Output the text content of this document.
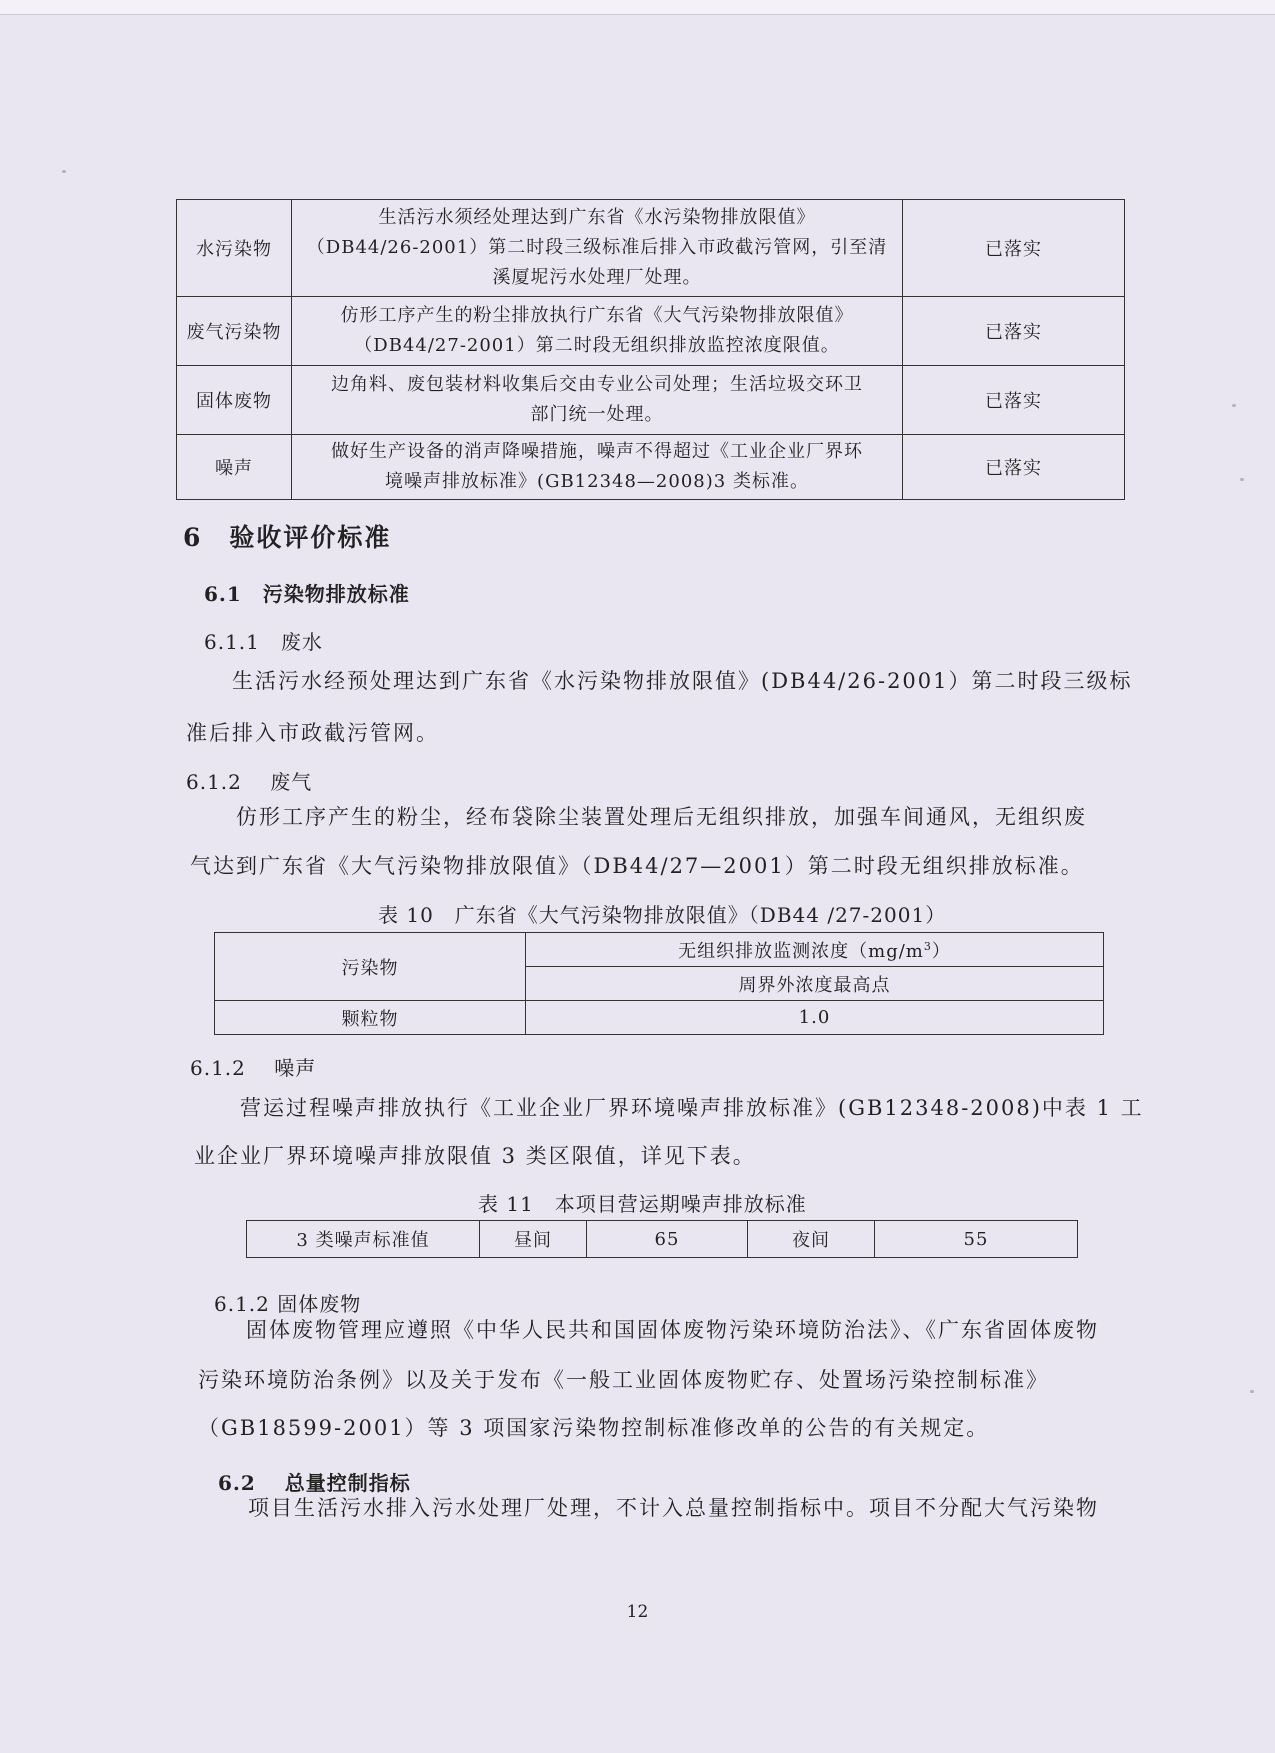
水污染物	生活污水须经处理达到广东省《水污染物排放限值》
（DB44/26-2001）第二时段三级标准后排入市政截污管网，引至清
溪厦坭污水处理厂处理。	已落实
废气污染物	仿形工序产生的粉尘排放执行广东省《大气污染物排放限值》
（DB44/27-2001）第二时段无组织排放监控浓度限值。	已落实
固体废物	边角料、废包装材料收集后交由专业公司处理；生活垃圾交环卫
部门统一处理。	已落实
噪声	做好生产设备的消声降噪措施，噪声不得超过《工业企业厂界环
境噪声排放标准》(GB12348—2008)3 类标准。	已落实
6　验收评价标准
6.1　污染物排放标准
6.1.1　废水
生活污水经预处理达到广东省《水污染物排放限值》(DB44/26-2001）第二时段三级标
准后排入市政截污管网。
6.1.2　 废气
仿形工序产生的粉尘，经布袋除尘装置处理后无组织排放，加强车间通风，无组织废
气达到广东省《大气污染物排放限值》（DB44/27—2001）第二时段无组织排放标准。
表 10　广东省《大气污染物排放限值》（DB44 /27-2001）
污染物	无组织排放监测浓度$(mg/m^3)$
	周界外浓度最高点
颗粒物	1.0
6.1.2　 噪声
营运过程噪声排放执行《工业企业厂界环境噪声排放标准》(GB12348-2008)中表 1 工
业企业厂界环境噪声排放限值 3 类区限值，详见下表。
表 11　本项目营运期噪声排放标准
3 类噪声标准值	昼间	65	夜间	55
6.1.2 固体废物
固体废物管理应遵照《中华人民共和国固体废物污染环境防治法》、《广东省固体废物
污染环境防治条例》以及关于发布《一般工业固体废物贮存、处置场污染控制标准》
（GB18599-2001）等 3 项国家污染物控制标准修改单的公告的有关规定。
6.2　 总量控制指标
项目生活污水排入污水处理厂处理，不计入总量控制指标中。项目不分配大气污染物
12
